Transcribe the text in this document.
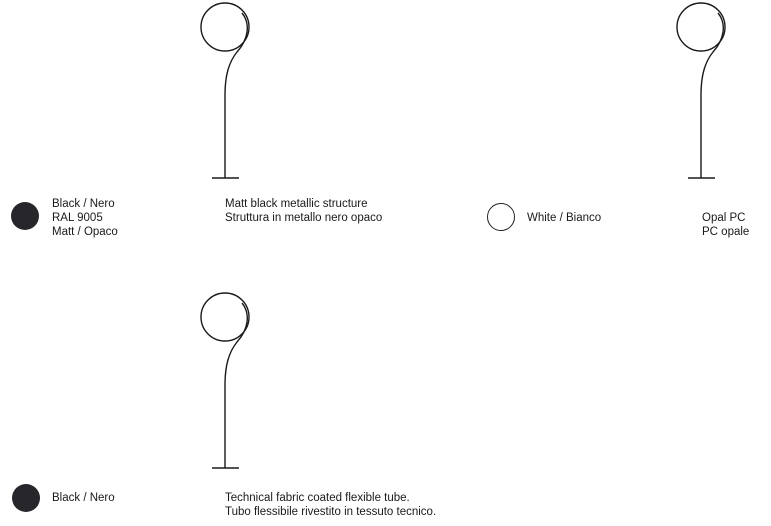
Black / Nero
RAL 9005
Matt / Opaco
Matt black metallic structure
Struttura in metallo nero opaco	White / Bianco	Opal PC
PC opale
Black / Nero	Technical fabric coated flexible tube.
Tubo flessibile rivestito in tessuto tecnico.
